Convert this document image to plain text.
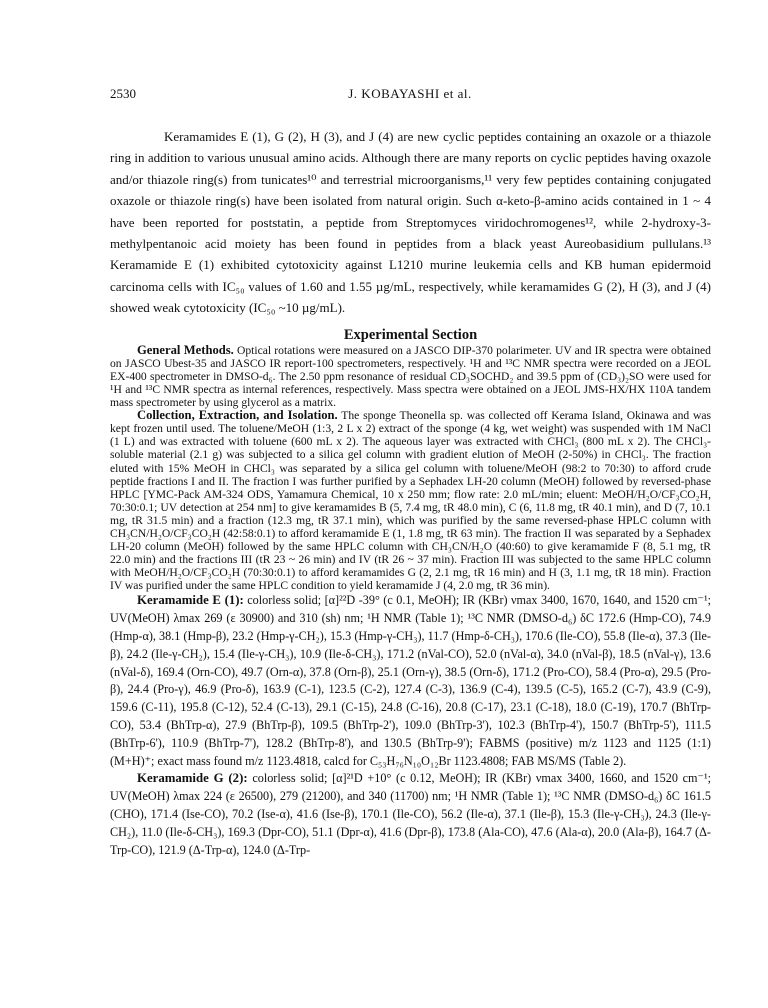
2530	J. KOBAYASHI et al.

Keramamides E (1), G (2), H (3), and J (4) are new cyclic peptides containing an oxazole or a thiazole ring in addition to various unusual amino acids. Although there are many reports on cyclic peptides having oxazole and/or thiazole ring(s) from tunicates¹⁰ and terrestrial microorganisms,¹¹ very few peptides containing conjugated oxazole or thiazole ring(s) have been isolated from natural origin. Such α-keto-β-amino acids contained in 1 ~ 4 have been reported for poststatin, a peptide from Streptomyces viridochromogenes¹², while 2-hydroxy-3-methylpentanoic acid moiety has been found in peptides from a black yeast Aureobasidium pullulans.¹³ Keramamide E (1) exhibited cytotoxicity against L1210 murine leukemia cells and KB human epidermoid carcinoma cells with IC₅₀ values of 1.60 and 1.55 µg/mL, respectively, while keramamides G (2), H (3), and J (4) showed weak cytotoxicity (IC₅₀ ~10 µg/mL).

Experimental Section

General Methods. Optical rotations were measured on a JASCO DIP-370 polarimeter. UV and IR spectra were obtained on JASCO Ubest-35 and JASCO IR report-100 spectrometers, respectively. ¹H and ¹³C NMR spectra were recorded on a JEOL EX-400 spectrometer in DMSO-d₆. The 2.50 ppm resonance of residual CD₃SOCHD₂ and 39.5 ppm of (CD₃)₂SO were used for ¹H and ¹³C NMR spectra as internal references, respectively. Mass spectra were obtained on a JEOL JMS-HX/HX 110A tandem mass spectrometer by using glycerol as a matrix.

Collection, Extraction, and Isolation. The sponge Theonella sp. was collected off Kerama Island, Okinawa and was kept frozen until used. The toluene/MeOH (1:3, 2 L x 2) extract of the sponge (4 kg, wet weight) was suspended with 1M NaCl (1 L) and was extracted with toluene (600 mL x 2). The aqueous layer was extracted with CHCl₃ (800 mL x 2). The CHCl₃-soluble material (2.1 g) was subjected to a silica gel column with gradient elution of MeOH (2-50%) in CHCl₃. The fraction eluted with 15% MeOH in CHCl₃ was separated by a silica gel column with toluene/MeOH (98:2 to 70:30) to afford crude peptide fractions I and II. The fraction I was further purified by a Sephadex LH-20 column (MeOH) followed by reversed-phase HPLC [YMC-Pack AM-324 ODS, Yamamura Chemical, 10 x 250 mm; flow rate: 2.0 mL/min; eluent: MeOH/H₂O/CF₃CO₂H, 70:30:0.1; UV detection at 254 nm] to give keramamides B (5, 7.4 mg, tR 48.0 min), C (6, 11.8 mg, tR 40.1 min), and D (7, 10.1 mg, tR 31.5 min) and a fraction (12.3 mg, tR 37.1 min), which was purified by the same reversed-phase HPLC column with CH₃CN/H₂O/CF₃CO₂H (42:58:0.1) to afford keramamide E (1, 1.8 mg, tR 63 min). The fraction II was separated by a Sephadex LH-20 column (MeOH) followed by the same HPLC column with CH₃CN/H₂O (40:60) to give keramamide F (8, 5.1 mg, tR 22.0 min) and the fractions III (tR 23 ~ 26 min) and IV (tR 26 ~ 37 min). Fraction III was subjected to the same HPLC column with MeOH/H₂O/CF₃CO₂H (70:30:0.1) to afford keramamides G (2, 2.1 mg, tR 16 min) and H (3, 1.1 mg, tR 18 min). Fraction IV was purified under the same HPLC condition to yield keramamide J (4, 2.0 mg, tR 36 min).

Keramamide E (1): colorless solid; [α]²²D -39° (c 0.1, MeOH); IR (KBr) νmax 3400, 1670, 1640, and 1520 cm⁻¹; UV(MeOH) λmax 269 (ε 30900) and 310 (sh) nm; ¹H NMR (Table 1); ¹³C NMR (DMSO-d₆) δC 172.6 (Hmp-CO), 74.9 (Hmp-α), 38.1 (Hmp-β), 23.2 (Hmp-γ-CH₂), 15.3 (Hmp-γ-CH₃), 11.7 (Hmp-δ-CH₃), 170.6 (Ile-CO), 55.8 (Ile-α), 37.3 (Ile-β), 24.2 (Ile-γ-CH₂), 15.4 (Ile-γ-CH₃), 10.9 (Ile-δ-CH₃), 171.2 (nVal-CO), 52.0 (nVal-α), 34.0 (nVal-β), 18.5 (nVal-γ), 13.6 (nVal-δ), 169.4 (Orn-CO), 49.7 (Orn-α), 37.8 (Orn-β), 25.1 (Orn-γ), 38.5 (Orn-δ), 171.2 (Pro-CO), 58.4 (Pro-α), 29.5 (Pro-β), 24.4 (Pro-γ), 46.9 (Pro-δ), 163.9 (C-1), 123.5 (C-2), 127.4 (C-3), 136.9 (C-4), 139.5 (C-5), 165.2 (C-7), 43.9 (C-9), 159.6 (C-11), 195.8 (C-12), 52.4 (C-13), 29.1 (C-15), 24.8 (C-16), 20.8 (C-17), 23.1 (C-18), 18.0 (C-19), 170.7 (BhTrp-CO), 53.4 (BhTrp-α), 27.9 (BhTrp-β), 109.5 (BhTrp-2'), 109.0 (BhTrp-3'), 102.3 (BhTrp-4'), 150.7 (BhTrp-5'), 111.5 (BhTrp-6'), 110.9 (BhTrp-7'), 128.2 (BhTrp-8'), and 130.5 (BhTrp-9'); FABMS (positive) m/z 1123 and 1125 (1:1) (M+H)⁺; exact mass found m/z 1123.4818, calcd for C₅₃H₇₆N₁₀O₁₂Br 1123.4808; FAB MS/MS (Table 2).

Keramamide G (2): colorless solid; [α]²¹D +10° (c 0.12, MeOH); IR (KBr) νmax 3400, 1660, and 1520 cm⁻¹; UV(MeOH) λmax 224 (ε 26500), 279 (21200), and 340 (11700) nm; ¹H NMR (Table 1); ¹³C NMR (DMSO-d₆) δC 161.5 (CHO), 171.4 (Ise-CO), 70.2 (Ise-α), 41.6 (Ise-β), 170.1 (Ile-CO), 56.2 (Ile-α), 37.1 (Ile-β), 15.3 (Ile-γ-CH₃), 24.3 (Ile-γ-CH₂), 11.0 (Ile-δ-CH₃), 169.3 (Dpr-CO), 51.1 (Dpr-α), 41.6 (Dpr-β), 173.8 (Ala-CO), 47.6 (Ala-α), 20.0 (Ala-β), 164.7 (Δ-Trp-CO), 121.9 (Δ-Trp-α), 124.0 (Δ-Trp-
